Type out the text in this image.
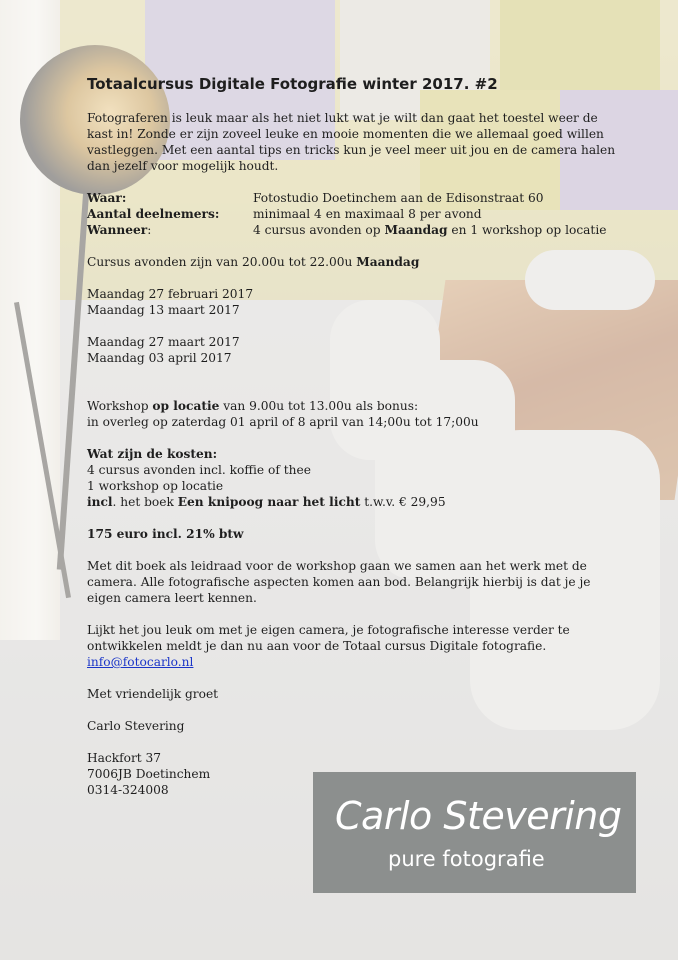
Totaalcursus Digitale Fotografie winter 2017. #2

Fotograferen is leuk maar als het niet lukt wat je wilt dan gaat het toestel weer de kast in! Zonde er zijn zoveel leuke en mooie momenten die we allemaal goed willen vastleggen. Met een aantal tips en tricks kun je veel meer uit jou en de camera halen dan jezelf voor mogelijk houdt.

Waar:	Fotostudio Doetinchem aan de Edisonstraat 60
Aantal deelnemers:	minimaal 4 en maximaal 8 per avond
Wanneer:	4 cursus avonden op Maandag en 1 workshop op locatie

Cursus avonden zijn van 20.00u tot 22.00u Maandag

Maandag 27 februari 2017

Maandag 13 maart 2017

Maandag 27 maart 2017

Maandag 03 april 2017

Workshop op locatie van 9.00u tot 13.00u als bonus:

in overleg op zaterdag 01 april of 8 april van 14;00u tot 17;00u

Wat zijn de kosten:

4 cursus avonden incl. koffie of thee

1 workshop op locatie

incl. het boek Een knipoog naar het licht t.w.v. € 29,95

175 euro incl. 21% btw

Met dit boek als leidraad voor de workshop gaan we samen aan het werk met de camera. Alle fotografische aspecten komen aan bod. Belangrijk hierbij is dat je je eigen camera leert kennen.

Lijkt het jou leuk om met je eigen camera, je fotografische interesse verder te ontwikkelen meldt je dan nu aan voor de Totaal cursus Digitale fotografie.

info@fotocarlo.nl

Met vriendelijk groet

Carlo Stevering

Hackfort 37

7006JB Doetinchem

0314-324008

Carlo Stevering
pure fotografie
